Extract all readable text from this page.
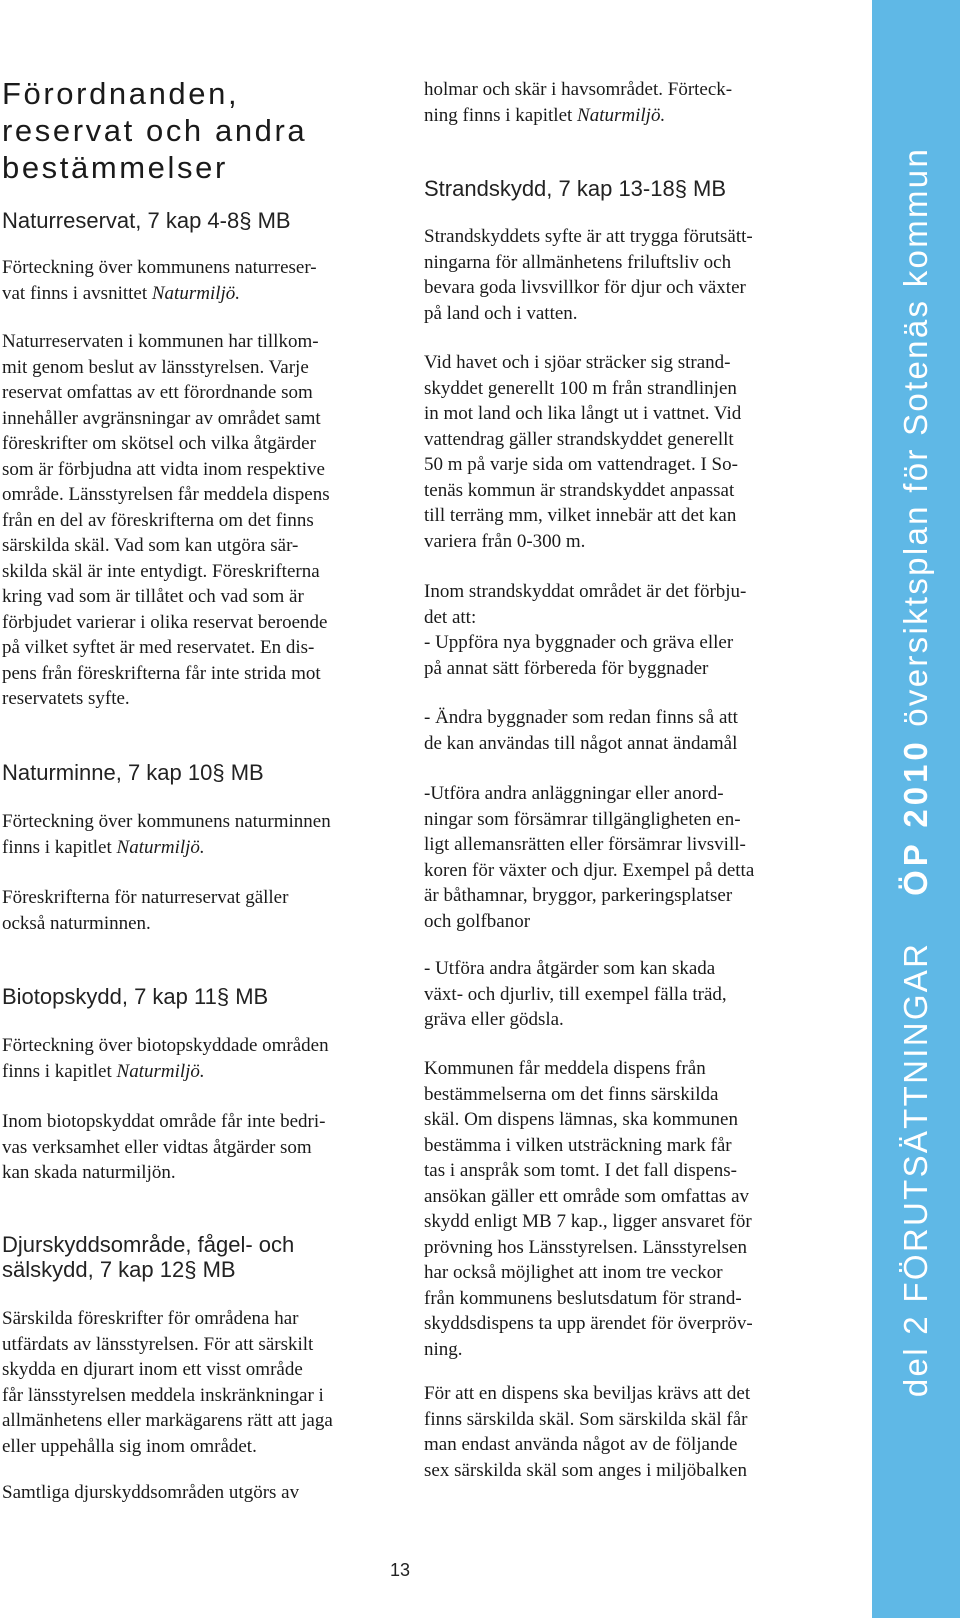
Förordnanden,
reservat och andra
bestämmelser
Naturreservat, 7 kap 4-8§ MB

Förteckning över kommunens naturreser-
vat finns i avsnittet Naturmiljö.

Naturreservaten i kommunen har tillkom-
mit genom beslut av länsstyrelsen. Varje
reservat omfattas av ett förordnande som
innehåller avgränsningar av området samt
föreskrifter om skötsel och vilka åtgärder
som är förbjudna att vidta inom respektive
område. Länsstyrelsen får meddela dispens
från en del av föreskrifterna om det finns
särskilda skäl. Vad som kan utgöra sär-
skilda skäl är inte entydigt. Föreskrifterna
kring vad som är tillåtet och vad som är
förbjudet varierar i olika reservat beroende
på vilket syftet är med reservatet. En dis-
pens från föreskrifterna får inte strida mot
reservatets syfte.

Naturminne, 7 kap 10§ MB

Förteckning över kommunens naturminnen
finns i kapitlet Naturmiljö.

Föreskrifterna för naturreservat gäller
också naturminnen.

Biotopskydd, 7 kap 11§ MB

Förteckning över biotopskyddade områden
finns i kapitlet Naturmiljö.

Inom biotopskyddat område får inte bedri-
vas verksamhet eller vidtas åtgärder som
kan skada naturmiljön.

Djurskyddsområde, fågel- och
sälskydd, 7 kap 12§ MB

Särskilda föreskrifter för områdena har
utfärdats av länsstyrelsen. För att särskilt
skydda en djurart inom ett visst område
får länsstyrelsen meddela inskränkningar i
allmänhetens eller markägarens rätt att jaga
eller uppehålla sig inom området.

Samtliga djurskyddsområden utgörs av

holmar och skär i havsområdet. Förteck-
ning finns i kapitlet Naturmiljö.

Strandskydd, 7 kap 13-18§ MB

Strandskyddets syfte är att trygga förutsätt-
ningarna för allmänhetens friluftsliv och
bevara goda livsvillkor för djur och växter
på land och i vatten.

Vid havet och i sjöar sträcker sig strand-
skyddet generellt 100 m från strandlinjen
in mot land och lika långt ut i vattnet. Vid
vattendrag gäller strandskyddet generellt
50 m på varje sida om vattendraget. I So-
tenäs kommun är strandskyddet anpassat
till terräng mm, vilket innebär att det kan
variera från 0-300 m.

Inom strandskyddat området är det förbju-
det att:
- Uppföra nya byggnader och gräva eller
på annat sätt förbereda för byggnader

- Ändra byggnader som redan finns så att
de kan användas till något annat ändamål

-Utföra andra anläggningar eller anord-
ningar som försämrar tillgängligheten en-
ligt allemansrätten eller försämrar livsvill-
koren för växter och djur. Exempel på detta
är båthamnar, bryggor, parkeringsplatser
och golfbanor

- Utföra andra åtgärder som kan skada
växt- och djurliv, till exempel fälla träd,
gräva eller gödsla.

Kommunen får meddela dispens från
bestämmelserna om det finns särskilda
skäl. Om dispens lämnas, ska kommunen
bestämma i vilken utsträckning mark får
tas i anspråk som tomt. I det fall dispens-
ansökan gäller ett område som omfattas av
skydd enligt MB 7 kap., ligger ansvaret för
prövning hos Länsstyrelsen. Länsstyrelsen
har också möjlighet att inom tre veckor
från kommunens beslutsdatum för strand-
skyddsdispens ta upp ärendet för överpröv-
ning.

För att en dispens ska beviljas krävs att det
finns särskilda skäl. Som särskilda skäl får
man endast använda något av de följande
sex särskilda skäl som anges i miljöbalken

del 2 FÖRUTSÄTTNINGAR    ÖP 2010 översiktsplan för Sotenäs kommun
13
